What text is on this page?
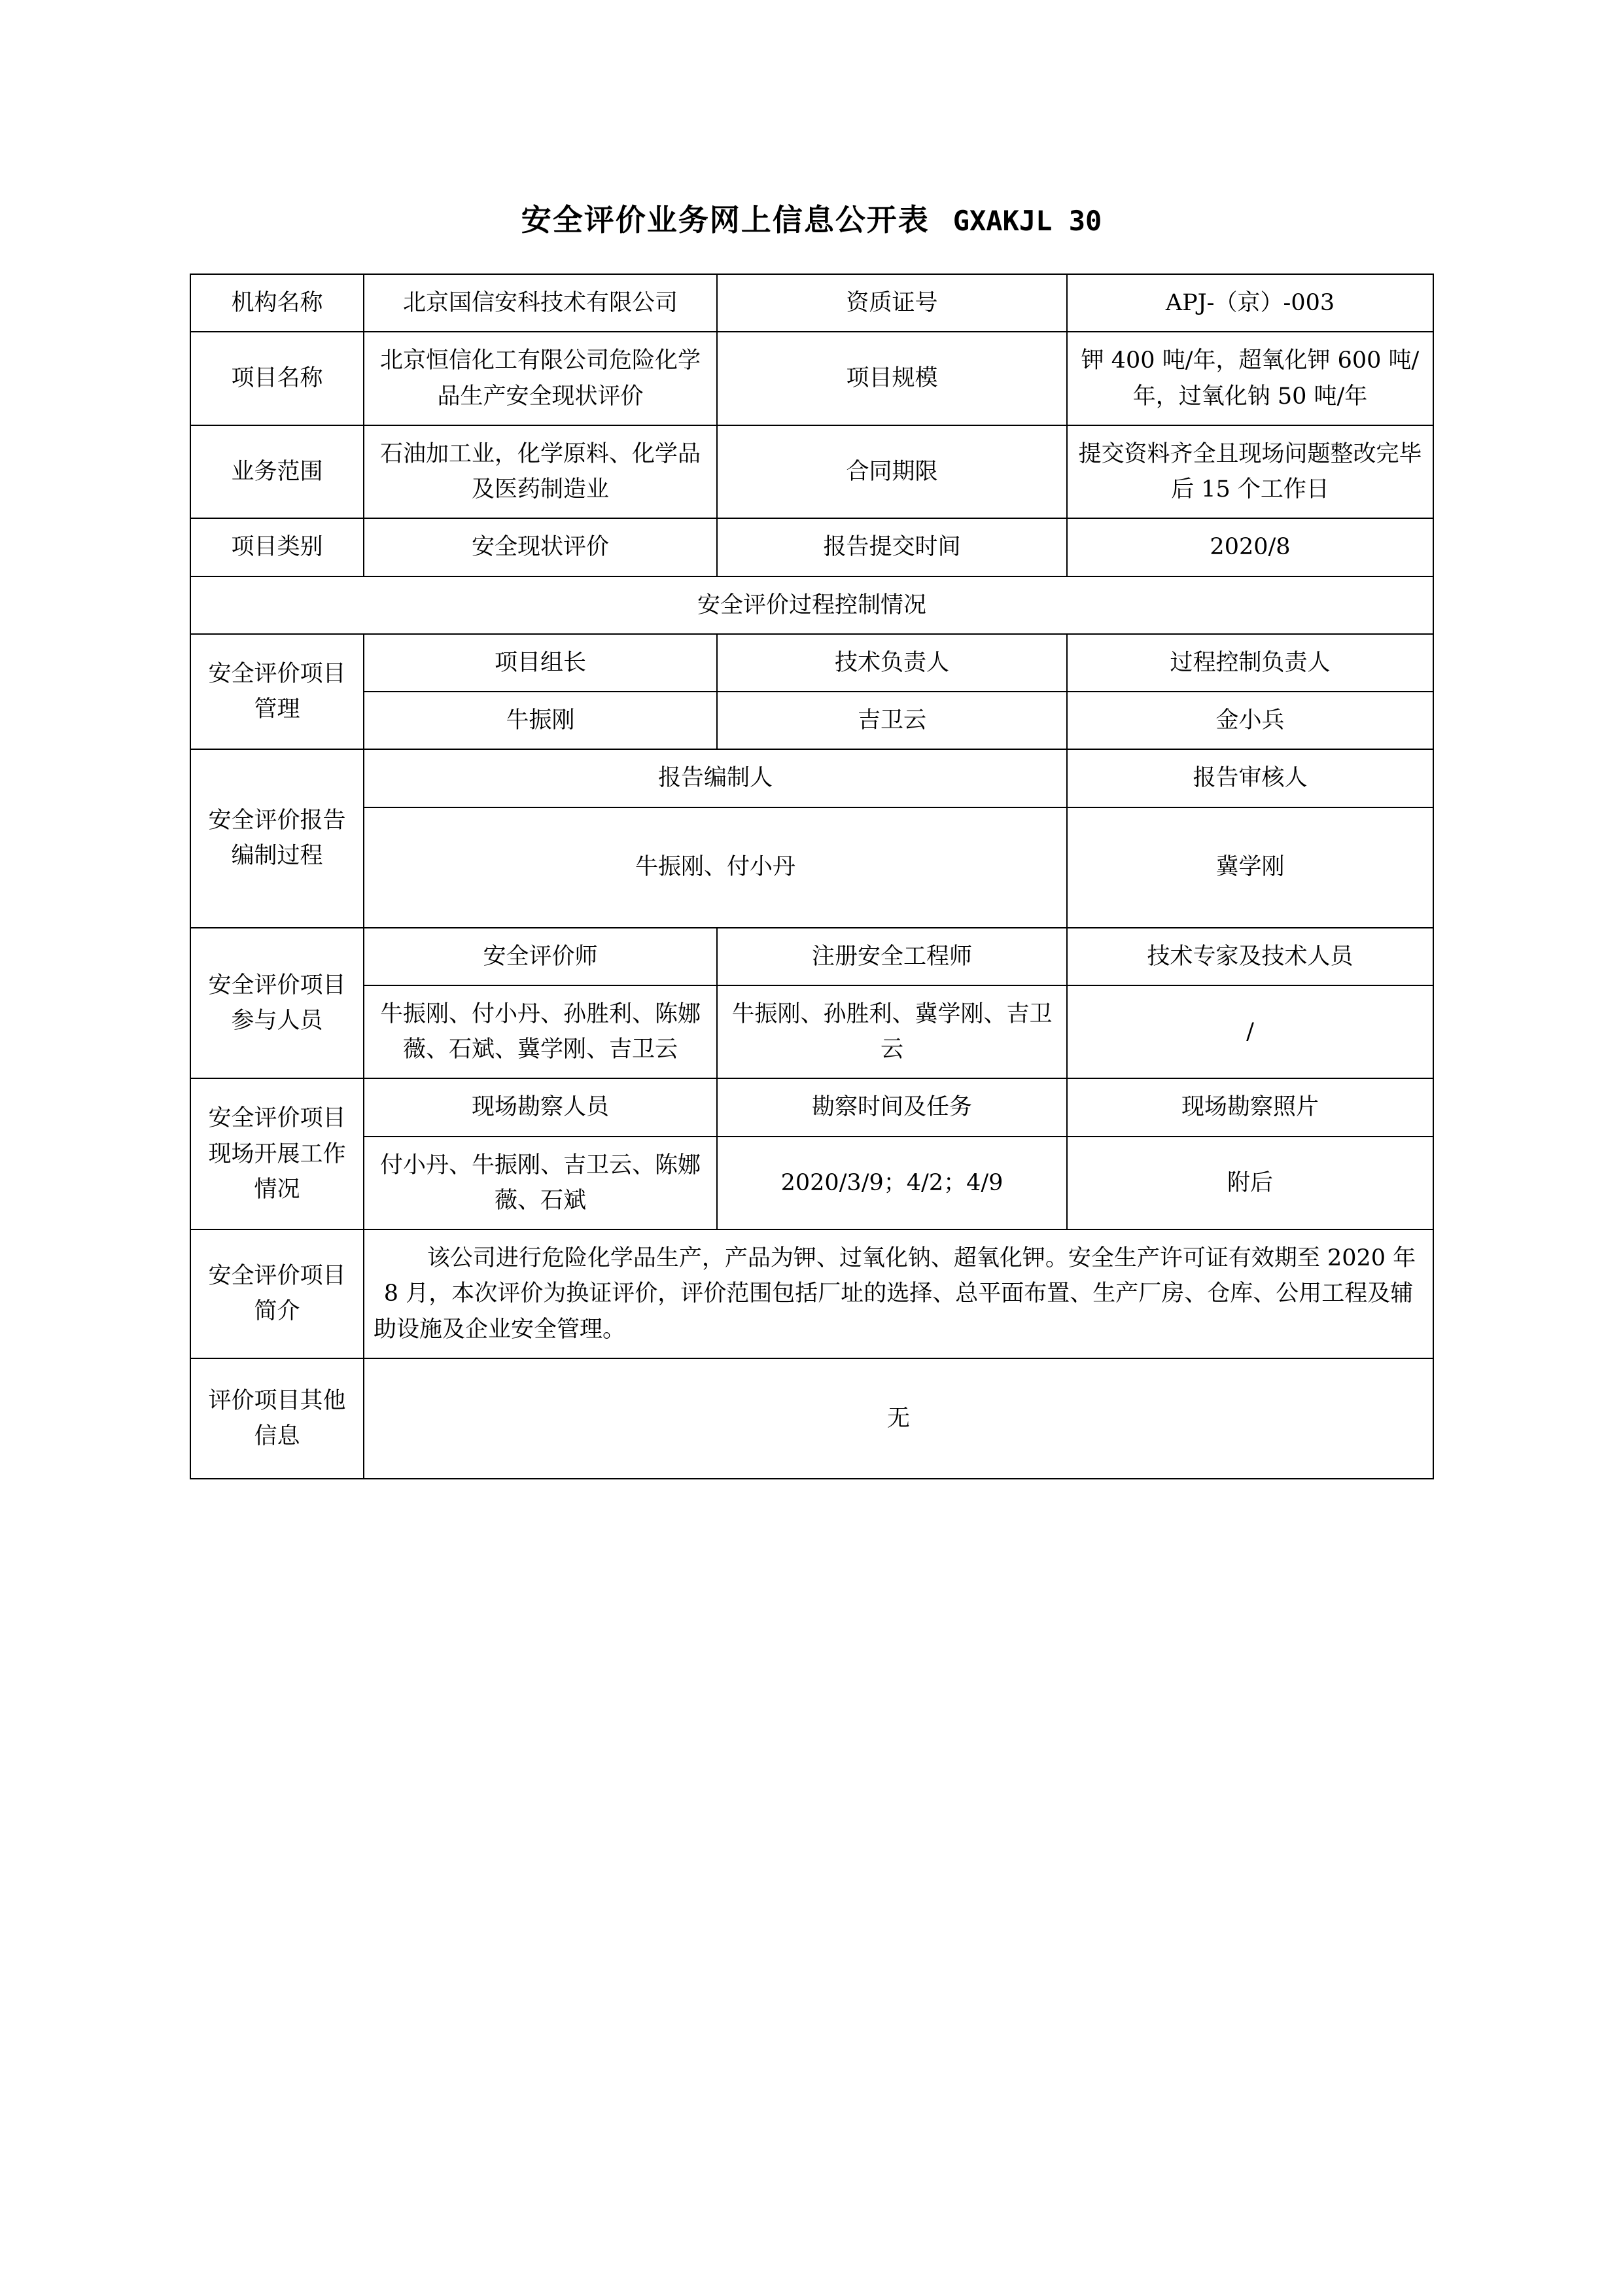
安全评价业务网上信息公开表 GXAKJL 30
机构名称	北京国信安科技术有限公司	资质证号	APJ-（京）-003
项目名称	北京恒信化工有限公司危险化学品生产安全现状评价	项目规模	钾 400 吨/年，超氧化钾 600 吨/年，过氧化钠 50 吨/年
业务范围	石油加工业，化学原料、化学品及医药制造业	合同期限	提交资料齐全且现场问题整改完毕后 15 个工作日
项目类别	安全现状评价	报告提交时间	2020/8
安全评价过程控制情况			
安全评价项目管理	项目组长	技术负责人	过程控制负责人
	牛振刚	吉卫云	金小兵
安全评价报告编制过程	报告编制人		报告审核人
	牛振刚、付小丹		冀学刚
安全评价项目参与人员	安全评价师	注册安全工程师	技术专家及技术人员
	牛振刚、付小丹、孙胜利、陈娜薇、石斌、冀学刚、吉卫云	牛振刚、孙胜利、冀学刚、吉卫云	/
安全评价项目现场开展工作情况	现场勘察人员	勘察时间及任务	现场勘察照片
	付小丹、牛振刚、吉卫云、陈娜薇、石斌	2020/3/9；4/2；4/9	附后
安全评价项目简介	该公司进行危险化学品生产，产品为钾、过氧化钠、超氧化钾。安全生产许可证有效期至 2020 年 8 月，本次评价为换证评价，评价范围包括厂址的选择、总平面布置、生产厂房、仓库、公用工程及辅助设施及企业安全管理。		
评价项目其他信息	无		
